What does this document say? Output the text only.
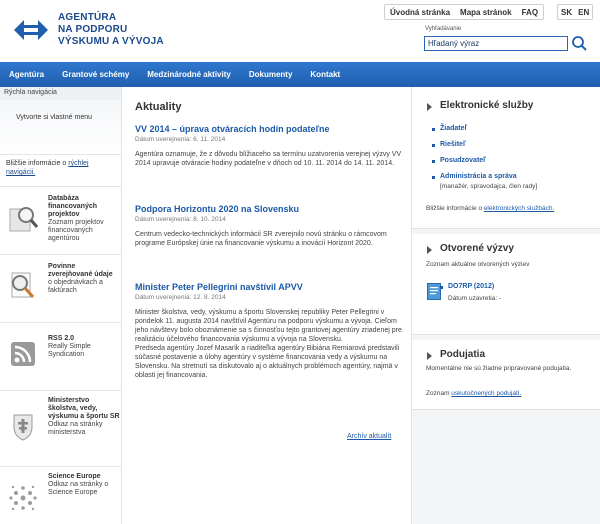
AGENTÚRA
NA PODPORU
VÝSKUMU A VÝVOJA
Úvodná stránka	Mapa stránok	FAQ	SK EN
Vyhľadávanie
Hľadaný výraz
Agentúra	Grantové schémy	Medzinárodné aktivity	Dokumenty	Kontakt
Rýchla navigácia
Vytvorte si vlastné menu
Bližšie informácie o rýchlej navigácii.
Databáza financovaných projektov
Zoznam projektov financovaných agentúrou
Povinne zverejňované údaje
o objednávkach a faktúrach
RSS 2.0
Really Simple Syndication
Ministerstvo školstva, vedy, výskumu a športu SR
Odkaz na stránky ministerstva
Science Europe
Odkaz na stránky o Science Europe
Aktuality
VV 2014 – úprava otváracích hodín podateľne
Dátum uverejnenia: 6. 11. 2014
Agentúra oznamuje, že z dôvodu blížiaceho sa termínu uzatvorenia verejnej výzvy VV 2014 upravuje otváracie hodiny podateľne v dňoch od 10. 11. 2014 do 14. 11. 2014.
Podpora Horizontu 2020 na Slovensku
Dátum uverejnenia: 8. 10. 2014
Centrum vedecko-technických informácií SR zverejnilo novú stránku o rámcovom programe Európskej únie na financovanie výskumu a inovácií Horizont 2020.
Minister Peter Pellegrini navštívil APVV
Dátum uverejnenia: 12. 8. 2014
Minister školstva, vedy, výskumu a športu Slovenskej republiky Peter Pellegrini v pondelok 11. augusta 2014 navštívil Agentúru na podporu výskumu a vývoja. Cieľom jeho návštevy bolo oboznámenie sa s činnosťou tejto grantovej agentúry zriadenej pre realizáciu účelového financovania výskumu a vývoja na Slovensku.
Predseda agentúry Jozef Masarik a riaditeľka agentúry Bibiána Remiarová predstavili súčasné postavenie a úlohy agentúry v systéme financovania vedy a výskumu na Slovensku. Na stretnutí sa diskutovalo aj o aktuálnych problémoch agentúry, najmä v oblasti jej financovania.
Archív aktualít
Elektronické služby
Žiadateľ
Riešiteľ
Posudzovateľ
Administrácia a správa
[manažér, spravodajca, člen rady]
Bližšie informácie o elektronických službách.
Otvorené výzvy
Zoznam aktuálne otvorených výziev
DO7RP (2012)
Dátum uzavretia: -
Podujatia
Momentálne nie sú žiadne pripravované podujatia.
Zoznam uskutočnených podujatí.
